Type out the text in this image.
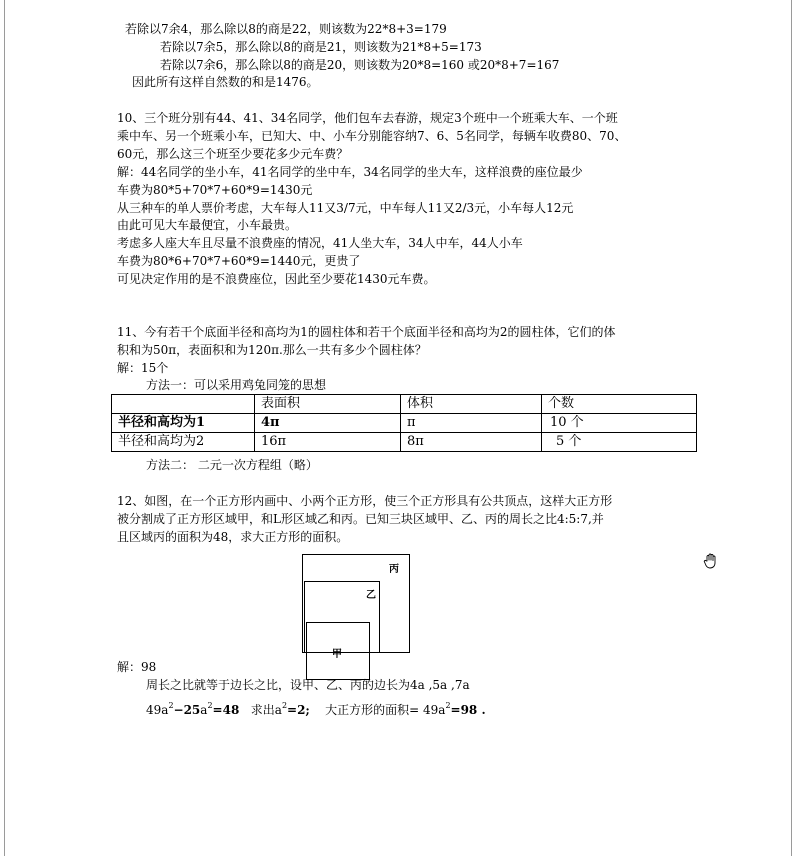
若除以7余4，那么除以8的商是22，则该数为22*8+3=179
若除以7余5，那么除以8的商是21，则该数为21*8+5=173
若除以7余6，那么除以8的商是20，则该数为20*8=160 或20*8+7=167
因此所有这样自然数的和是1476。
10、三个班分别有44、41、34名同学，他们包车去春游，规定3个班中一个班乘大车、一个班
乘中车、另一个班乘小车，已知大、中、小车分别能容纳7、6、5名同学，每辆车收费80、70、
60元，那么这三个班至少要花多少元车费？
解：44名同学的坐小车，41名同学的坐中车，34名同学的坐大车，这样浪费的座位最少
车费为80*5+70*7+60*9=1430元
从三种车的单人票价考虑，大车每人11又3/7元，中车每人11又2/3元，小车每人12元
由此可见大车最便宜，小车最贵。
考虑多人座大车且尽量不浪费座的情况，41人坐大车，34人中车，44人小车
车费为80*6+70*7+60*9=1440元，更贵了
可见决定作用的是不浪费座位，因此至少要花1430元车费。
11、今有若干个底面半径和高均为1的圆柱体和若干个底面半径和高均为2的圆柱体，它们的体
积和为50π，表面积和为120π.那么一共有多少个圆柱体？
解：15个
方法一：可以采用鸡兔同笼的思想
	表面积	体积	个数
半径和高均为1	4π	π	10 个
半径和高均为2	16π	8π	5 个
方法二： 二元一次方程组（略）
12、如图，在一个正方形内画中、小两个正方形，使三个正方形具有公共顶点，这样大正方形
被分割成了正方形区域甲，和L形区域乙和丙。已知三块区域甲、乙、丙的周长之比4:5:7,并
且区域丙的面积为48，求大正方形的面积。
丙
乙
甲
解：98
周长之比就等于边长之比，设甲、乙、丙的边长为4a ,5a ,7a
$49a^2-25a^2=48$ 求出$a^2=2$; 大正方形的面积= $49a^2=98$ .
